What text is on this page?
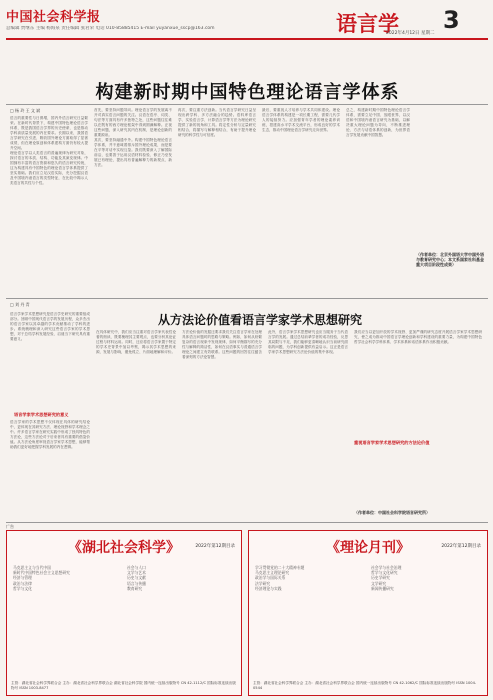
中国社会科学报
总编辑 贾继东 主编 杨海泉 责任编辑 张君荣 电话 010-85885415 E-mail yuyanxue_sscp@163.com	语言学 3
2022年4月12日 星期二
构建新时期中国特色理论语言学体系
□ 杨 玲 王 文 斌

语言的重要性与日俱增，国内外语言研究日益繁荣。在新时代背景下，构建中国特色理论语言学体系，既是我国语言学界的历史使命，也是推动学科高质量发展的内在要求。长期以来，我国语言学研究在引进、吸收国外理论方面取得了显著成绩，但在理论原创和体系建构方面仍有较大提升空间。

理论语言学以人类语言的普遍规律为研究对象，探讨语言的本质、结构、功能及其演变规律。中国拥有丰富的语言资源和悠久的语言研究传统，这为构建具有中国特色的理论语言学体系提供了坚实基础。我们应立足汉语实际，充分挖掘汉语及中国境内诸语言的类型特征，在比较中揭示人类语言的共性与个性。

首先，要坚持问题导向。理论语言学的发展离不开对真实语言问题的关注。汉语在语序、词类、句法等方面具有许多独特之处，这些问题往往难以在既有的西方理论框架中得到圆满解释。正视这些问题，深入研究其内在机制，是理论创新的重要源泉。

其次，要坚持融通中外。构建中国特色理论语言学体系，并不意味着排斥国外理论成果，而是要在平等对话中实现互鉴。我们既要深入了解国际前沿，也要善于运用汉语材料检验、修正乃至发展已有理论，提出具有普遍解释力的新观点、新方法。

再次，要注重方法创新。当代语言学研究日益呈现出跨学科、多方法融合的趋势。语料库语言学、实验语言学、计算语言学等方法为理论研究提供了新的视角和工具。将定性分析与定量研究相结合，将描写与解释相结合，有助于提升理论研究的科学性与可信度。

最后，要重视人才培养与学术共同体建设。理论语言学体系的构建是一项长期工程，需要几代学人的接续努力。应加强青年学者的理论素养训练，搭建高水平学术交流平台，形成良好的学术生态，推动中国理论语言学研究走向世界。

总之，构建新时期中国特色理论语言学体系，需要立足中国、放眼世界，以汉语和中国境内诸语言研究为基础，以解决重大理论问题为导向，不断推进理论、方法与话语体系的创新，为世界语言学发展贡献中国智慧。

（作者单位：北京外国语大学中国外语与教育研究中心；本文系国家社科基金重大项目阶段性成果）
□ 刘 丹 青
从方法论价值看语言学家学术思想研究

语言学家学术思想研究是语言学史研究的重要组成部分。回顾中国现代语言学的发展历程，众多杰出的语言学家以其卓越的学术贡献推动了学科的进步。系统梳理和深入研究这些语言学家的学术思想，对于总结学科发展经验、启迪当下研究具有重要意义。

语言学家学术思想研究的意义

语言学家的学术思想不仅体现在具体的研究结论中，更体现在其研究方法、理论视野和学术理念之中。许多语言学家在研究实践中形成了独具特色的方法论，这些方法论对于后来者具有重要的借鉴价值。从方法论角度审视语言学家学术思想，能够帮助我们更好地把握学科发展的内在逻辑。

在具体研究中，我们应当注重对语言学家代表性论著的细读，既要梳理其主要观点，也要分析其论证过程与材料运用。同时，还应将语言学家置于特定的学术史背景中加以考察，揭示其学术思想的来源、发展与影响，避免孤立、片面地理解和评价。

方法论价值的发掘还要求我们关注语言学家在处理具体语言问题时的思路与策略。例如，如何从纷繁复杂的语言现象中发现规律，如何平衡描写的充分性与解释的简洁性，如何在汉语事实与普通语言学理论之间建立有效联系。这些问题的回答往往蕴含着深刻的方法论智慧。

此外，语言学家学术思想研究也应当服务于当代语言学的发展。通过总结前辈学者的成功经验，反思其局限与不足，我们能够更清晰地认识当前研究面临的问题，为学科创新提供有益启示。这正是语言学家学术思想研究方法论价值的集中体现。

重视语言学家学术思想研究的方法论价值

我们应当以更加开放的学术视野、更加严谨的研究态度开展语言学家学术思想研究，使之成为推动中国语言学理论创新和学科建设的重要力量，为构建中国特色哲学社会科学学科体系、学术体系和话语体系作出积极贡献。

（作者单位：中国社会科学院语言研究所）
广告
《湖北社会科学》	2022年第12期目录
马克思主义与当代中国
新时代中国特色社会主义思想研究
经济与管理
政治与法律
哲学与文化
社会与人口
文学与艺术
历史与文献
语言与传播
教育研究
主管：湖北省社会科学界联合会 主办：湖北省社会科学界联合会 湖北省社会科学院 国内统一连续出版物号 CN 42-1112/C 国际标准连续出版物号 ISSN 1003-8477
《理论月刊》	2022年第12期目录
学习贯彻党的二十大精神专题
马克思主义理论研究
政治学与国际关系
法学研究
经济理论与实践
社会学与社会治理
哲学与文化研究
历史学研究
文学研究
新闻传播研究
主管：湖北省社会科学界联合会 主办：湖北省社会科学界联合会 国内统一连续出版物号 CN 42-1062/C 国际标准连续出版物号 ISSN 1004-0544
